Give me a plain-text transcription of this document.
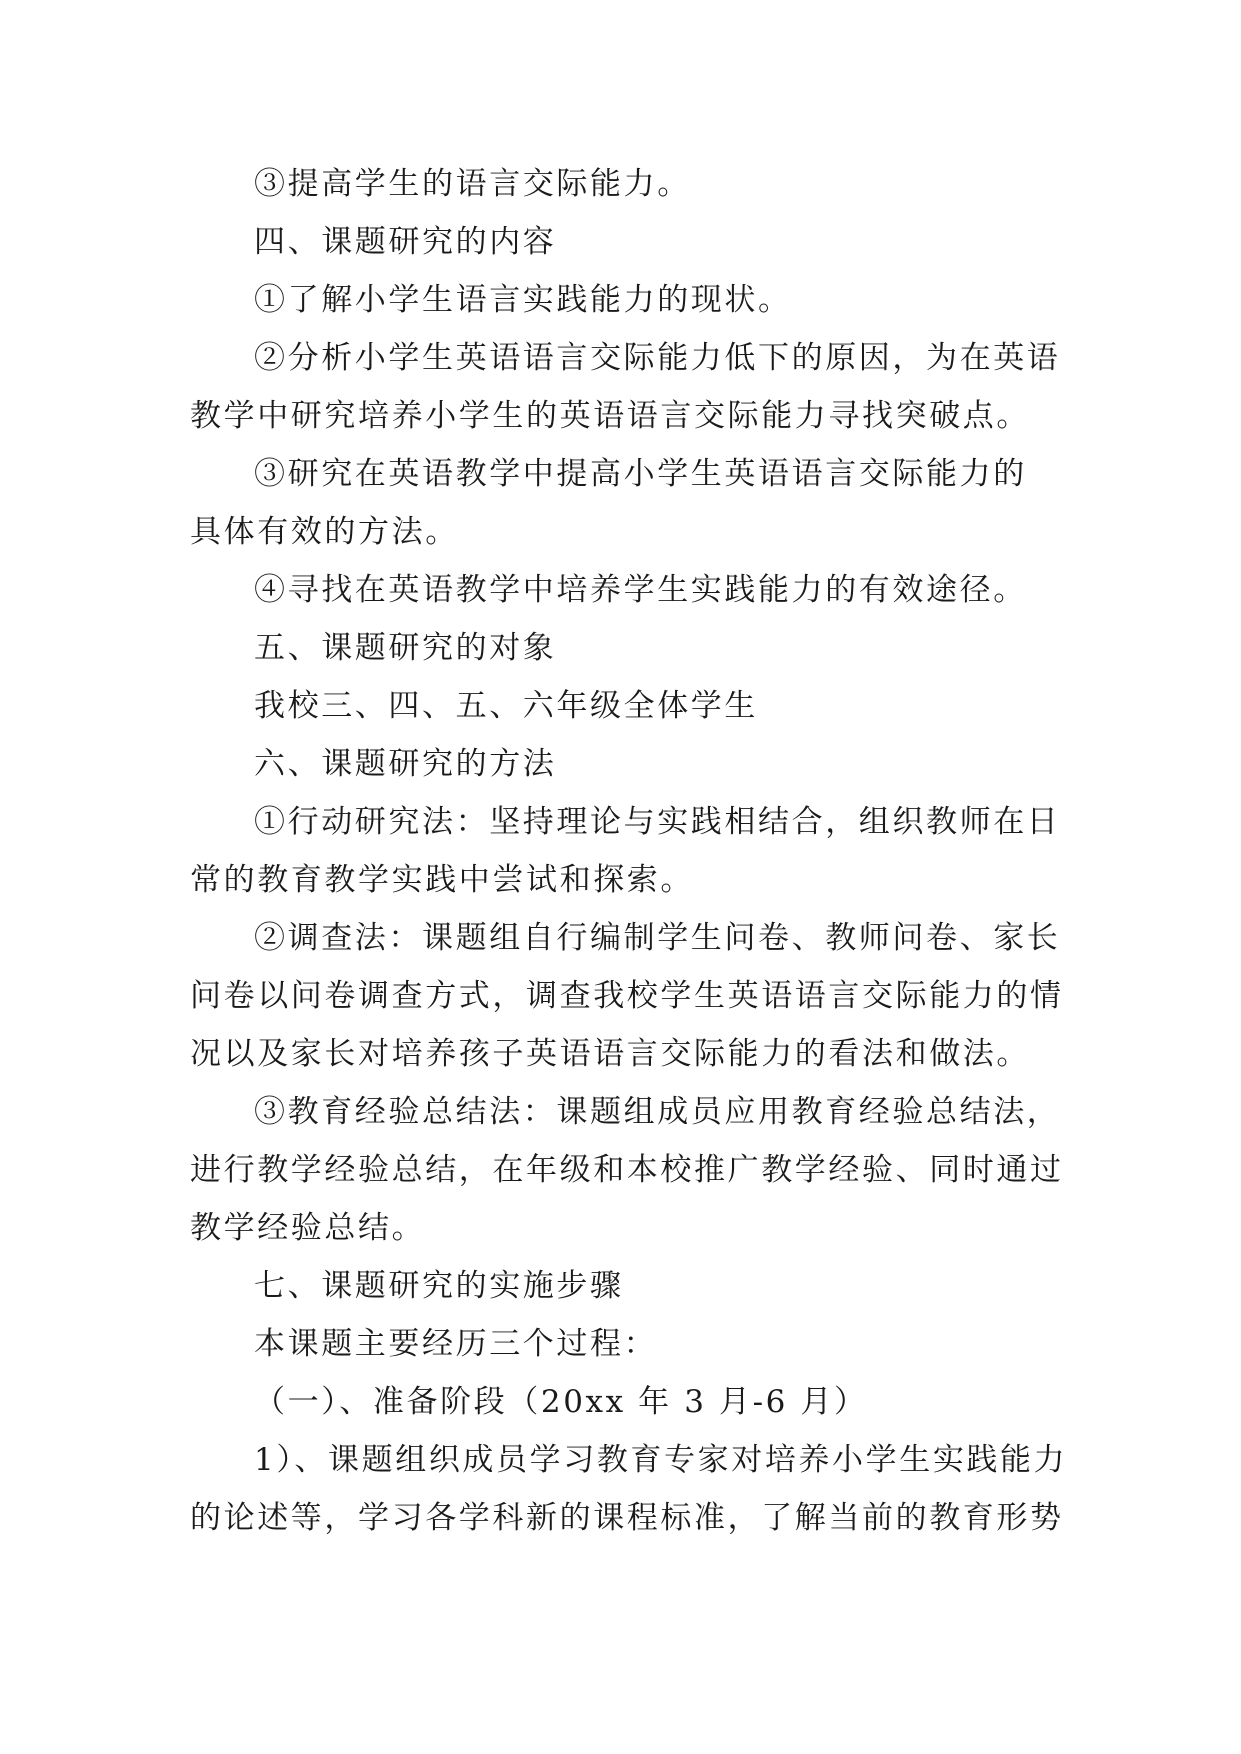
③提高学生的语言交际能力。
四、课题研究的内容
①了解小学生语言实践能力的现状。
②分析小学生英语语言交际能力低下的原因，为在英语
教学中研究培养小学生的英语语言交际能力寻找突破点。
③研究在英语教学中提高小学生英语语言交际能力的
具体有效的方法。
④寻找在英语教学中培养学生实践能力的有效途径。
五、课题研究的对象
我校三、四、五、六年级全体学生
六、课题研究的方法
①行动研究法：坚持理论与实践相结合，组织教师在日
常的教育教学实践中尝试和探索。
②调查法：课题组自行编制学生问卷、教师问卷、家长
问卷以问卷调查方式，调查我校学生英语语言交际能力的情
况以及家长对培养孩子英语语言交际能力的看法和做法。
③教育经验总结法：课题组成员应用教育经验总结法，
进行教学经验总结，在年级和本校推广教学经验、同时通过
教学经验总结。
七、课题研究的实施步骤
本课题主要经历三个过程：
（一）、准备阶段（20xx 年 3 月-6 月）
1）、课题组织成员学习教育专家对培养小学生实践能力
的论述等，学习各学科新的课程标准，了解当前的教育形势
